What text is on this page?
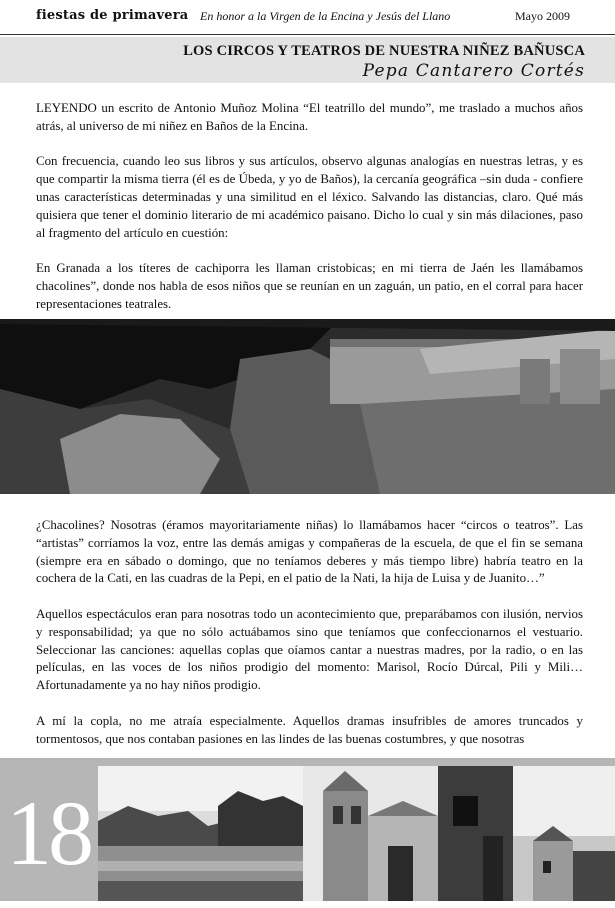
fiestas de primavera En honor a la Virgen de la Encina y Jesús del Llano	Mayo 2009
LOS CIRCOS Y TEATROS DE NUESTRA NIÑEZ BAÑUSCA
Pepa Cantarero Cortés

LEYENDO un escrito de Antonio Muñoz Molina “El teatrillo del mundo”, me traslado a muchos años atrás, al universo de mi niñez en Baños de la Encina.

Con frecuencia, cuando leo sus libros y sus artículos, observo algunas analogías en nuestras letras, y es que compartir la misma tierra (él es de Úbeda, y yo de Baños), la cercanía geográfica –sin duda - confiere unas características determinadas y una similitud en el léxico. Salvando las distancias, claro. Qué más quisiera que tener el dominio literario de mi académico paisano. Dicho lo cual y sin más dilaciones, paso al fragmento del artículo en cuestión:

En Granada a los títeres de cachiporra les llaman cristobicas; en mi tierra de Jaén les llamábamos chacolines”, donde nos habla de esos niños que se reunían en un zaguán, un patio, en el corral para hacer representaciones teatrales.

¿Chacolines? Nosotras (éramos mayoritariamente niñas) lo llamábamos hacer “circos o teatros”. Las “artistas” corríamos la voz, entre las demás amigas y compañeras de la escuela, de que el fin se semana (siempre era en sábado o domingo, que no teníamos deberes y más tiempo libre) habría teatro en la cochera de la Cati, en las cuadras de la Pepi, en el patio de la Nati, la hija de Luisa y de Juanito…”

Aquellos espectáculos eran para nosotras todo un acontecimiento que, preparábamos con ilusión, nervios y responsabilidad; ya que no sólo actuábamos sino que teníamos que confeccionarnos el vestuario. Seleccionar las canciones: aquellas coplas que oíamos cantar a nuestras madres, por la radio, o en las películas, en las voces de los niños prodigio del momento: Marisol, Rocío Dúrcal, Pili y Mili… Afortunadamente ya no hay niños prodigio.

A mí la copla, no me atraía especialmente. Aquellos dramas insufribles de amores truncados y tormentosos, que nos contaban pasiones en las lindes de las buenas costumbres, y que nosotras

18
